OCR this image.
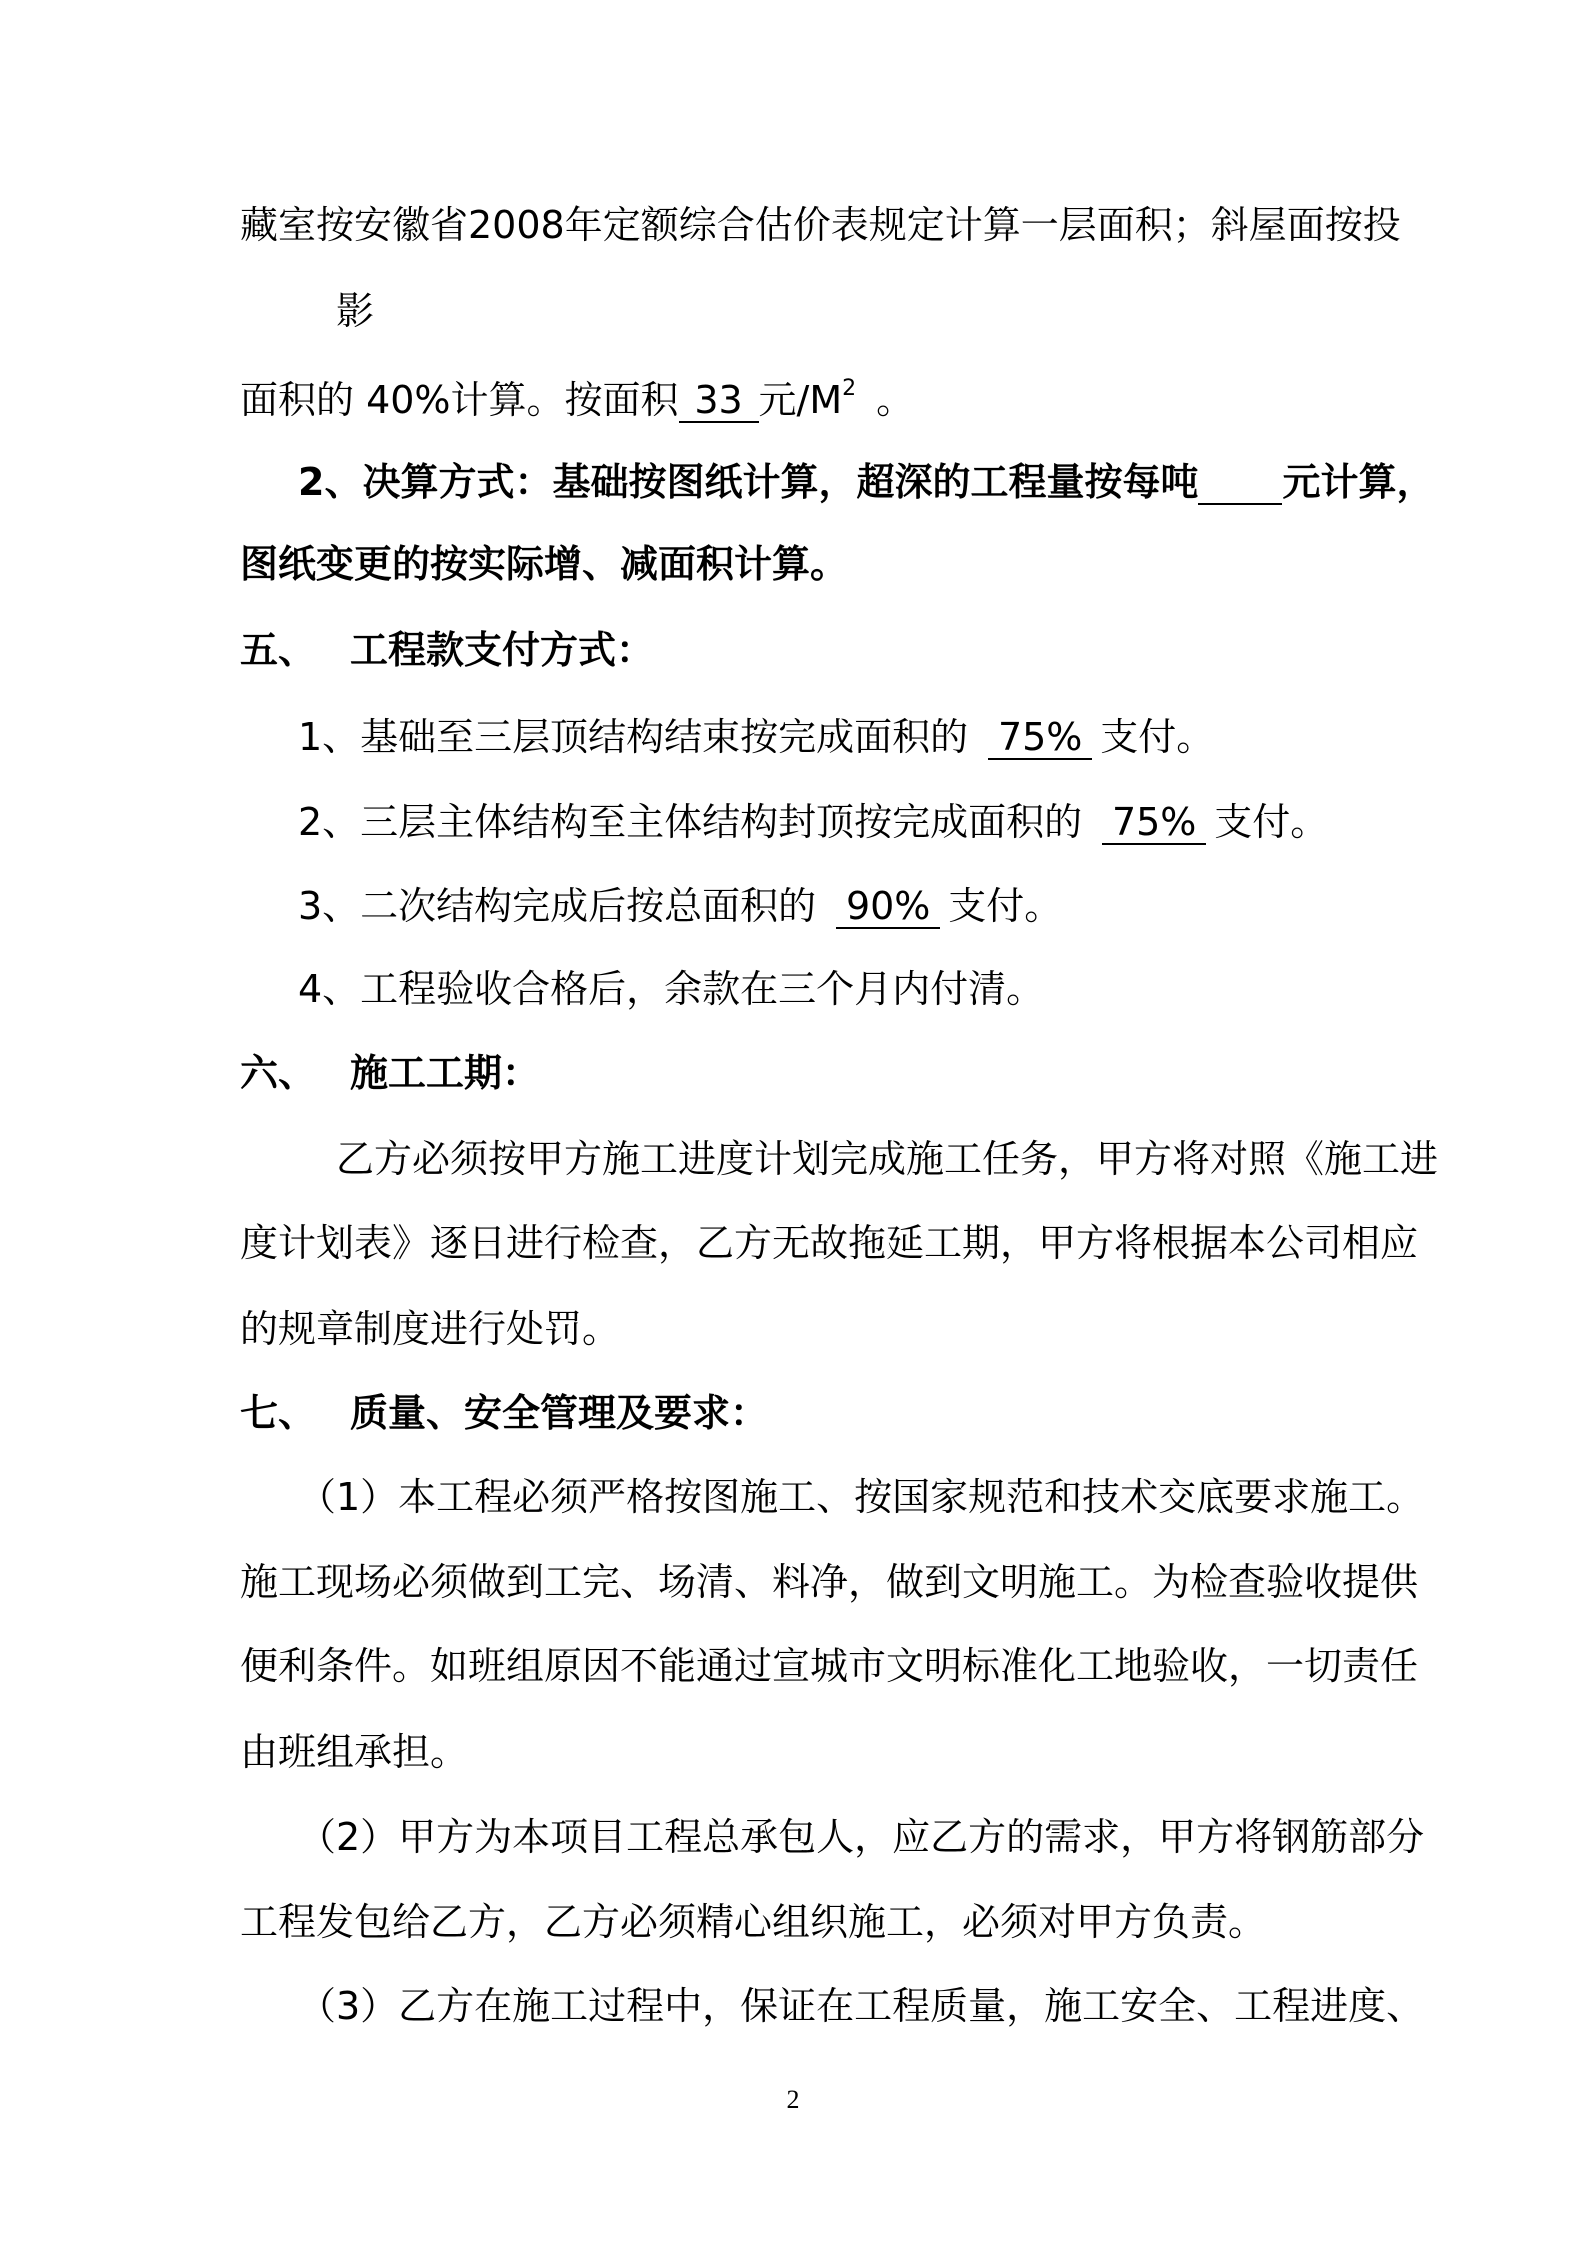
藏室按安徽省2008年定额综合估价表规定计算一层面积；斜屋面按投
影
面积的 40%计算。按面积 33 元$/M^2$ 。
2、决算方式：基础按图纸计算，超深的工程量按每吨 元计算，
图纸变更的按实际增、减面积计算。
五、 工程款支付方式：
1、基础至三层顶结构结束按完成面积的 75% 支付。
2、三层主体结构至主体结构封顶按完成面积的 75% 支付。
3、二次结构完成后按总面积的 90% 支付。
4、工程验收合格后，余款在三个月内付清。
六、 施工工期：
乙方必须按甲方施工进度计划完成施工任务，甲方将对照《施工进
度计划表》逐日进行检查，乙方无故拖延工期，甲方将根据本公司相应
的规章制度进行处罚。
七、 质量、安全管理及要求：
（1）本工程必须严格按图施工、按国家规范和技术交底要求施工。
施工现场必须做到工完、场清、料净，做到文明施工。为检查验收提供
便利条件。如班组原因不能通过宣城市文明标准化工地验收，一切责任
由班组承担。
（2）甲方为本项目工程总承包人，应乙方的需求，甲方将钢筋部分
工程发包给乙方，乙方必须精心组织施工，必须对甲方负责。
（3）乙方在施工过程中，保证在工程质量，施工安全、工程进度、
2
